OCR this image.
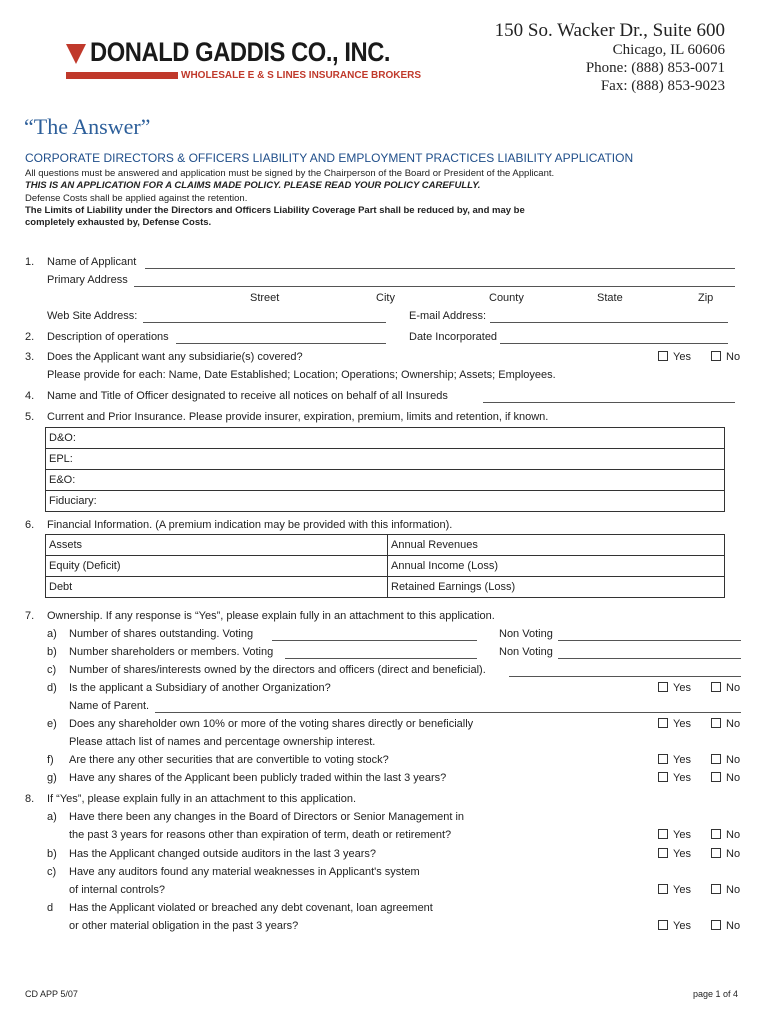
DONALD GADDIS CO., INC.
WHOLESALE E & S LINES INSURANCE BROKERS
150 So. Wacker Dr., Suite 600
Chicago, IL 60606
Phone: (888) 853-0071
Fax: (888) 853-9023
“The Answer”
CORPORATE DIRECTORS & OFFICERS LIABILITY AND EMPLOYMENT PRACTICES LIABILITY APPLICATION
All questions must be answered and application must be signed by the Chairperson of the Board or President of the Applicant.
THIS IS AN APPLICATION FOR A CLAIMS MADE POLICY. PLEASE READ YOUR POLICY CAREFULLY.
Defense Costs shall be applied against the retention.
The Limits of Liability under the Directors and Officers Liability Coverage Part shall be reduced by, and may be
completely exhausted by, Defense Costs.
1. Name of Applicant
Primary Address
Street	City	County	State	Zip
Web Site Address:	E-mail Address:
2. Description of operations	Date Incorporated
3. Does the Applicant want any subsidiarie(s) covered?	Yes	No
Please provide for each: Name, Date Established; Location; Operations; Ownership; Assets; Employees.
4. Name and Title of Officer designated to receive all notices on behalf of all Insureds
5. Current and Prior Insurance. Please provide insurer, expiration, premium, limits and retention, if known.
D&O:
EPL:
E&O:
Fiduciary:
6. Financial Information. (A premium indication may be provided with this information).
Assets	Annual Revenues
Equity (Deficit)	Annual Income (Loss)
Debt	Retained Earnings (Loss)
7. Ownership. If any response is “Yes”, please explain fully in an attachment to this application.
a) Number of shares outstanding. Voting	Non Voting
b) Number shareholders or members. Voting	Non Voting
c) Number of shares/interests owned by the directors and officers (direct and beneficial).
d) Is the applicant a Subsidiary of another Organization?	Yes	No
Name of Parent.
e) Does any shareholder own 10% or more of the voting shares directly or beneficially	Yes	No
Please attach list of names and percentage ownership interest.
f) Are there any other securities that are convertible to voting stock?	Yes	No
g) Have any shares of the Applicant been publicly traded within the last 3 years?	Yes	No
8. If “Yes”, please explain fully in an attachment to this application.
a) Have there been any changes in the Board of Directors or Senior Management in
the past 3 years for reasons other than expiration of term, death or retirement?	Yes	No
b) Has the Applicant changed outside auditors in the last 3 years?	Yes	No
c) Have any auditors found any material weaknesses in Applicant's system
of internal controls?	Yes	No
d Has the Applicant violated or breached any debt covenant, loan agreement
or other material obligation in the past 3 years?	Yes	No
CD APP 5/07	page 1 of 4
